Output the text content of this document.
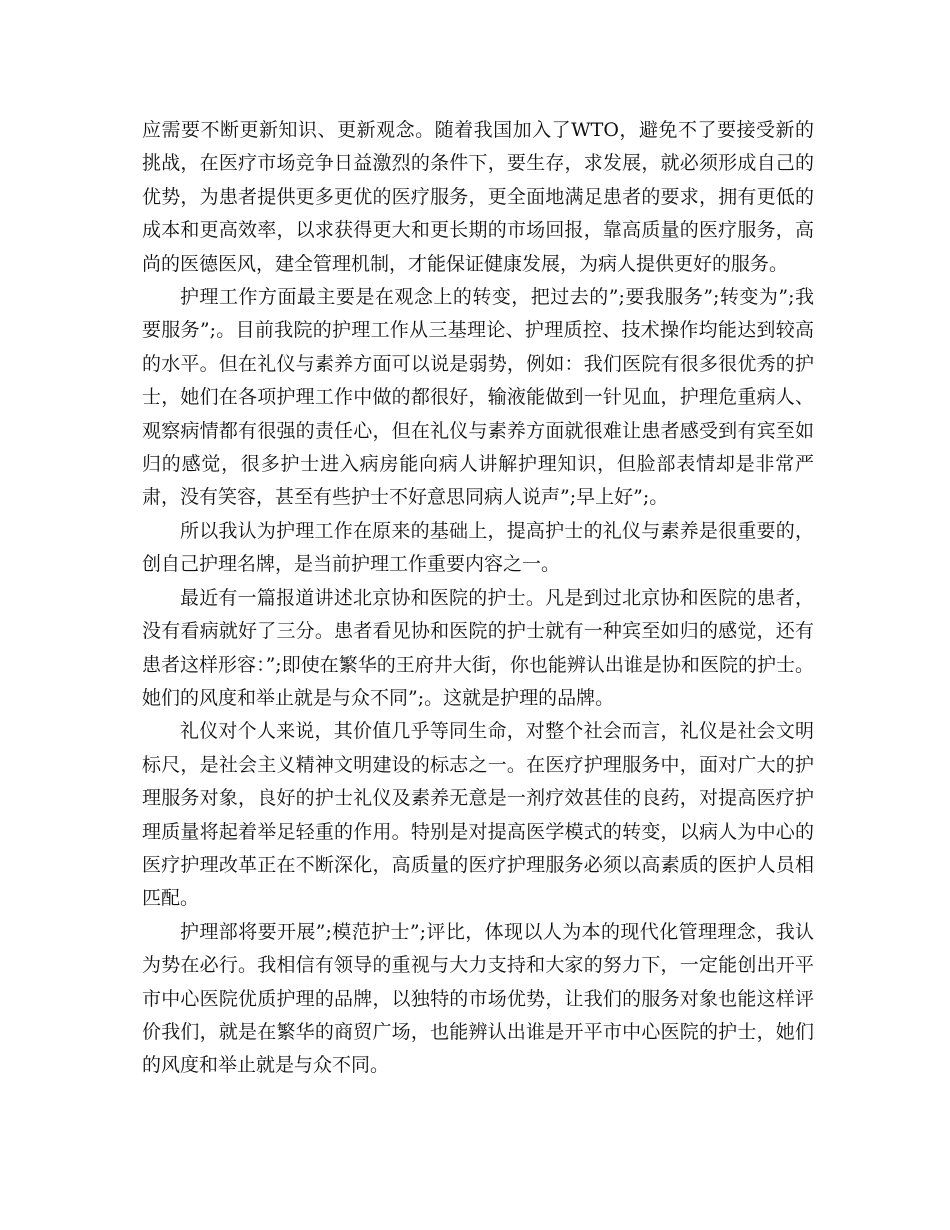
应需要不断更新知识、更新观念。随着我国加入了WTO，避免不了要接受新的挑战，在医疗市场竞争日益激烈的条件下，要生存，求发展，就必须形成自己的优势，为患者提供更多更优的医疗服务，更全面地满足患者的要求，拥有更低的成本和更高效率，以求获得更大和更长期的市场回报，靠高质量的医疗服务，高尚的医德医风，建全管理机制，才能保证健康发展，为病人提供更好的服务。

护理工作方面最主要是在观念上的转变，把过去的”;要我服务”;转变为”;我要服务”;。目前我院的护理工作从三基理论、护理质控、技术操作均能达到较高的水平。但在礼仪与素养方面可以说是弱势，例如：我们医院有很多很优秀的护士，她们在各项护理工作中做的都很好，输液能做到一针见血，护理危重病人、观察病情都有很强的责任心，但在礼仪与素养方面就很难让患者感受到有宾至如归的感觉，很多护士进入病房能向病人讲解护理知识，但脸部表情却是非常严肃，没有笑容，甚至有些护士不好意思同病人说声”;早上好”;。

所以我认为护理工作在原来的基础上，提高护士的礼仪与素养是很重要的，创自己护理名牌，是当前护理工作重要内容之一。

最近有一篇报道讲述北京协和医院的护士。凡是到过北京协和医院的患者，没有看病就好了三分。患者看见协和医院的护士就有一种宾至如归的感觉，还有患者这样形容：”;即使在繁华的王府井大街，你也能辨认出谁是协和医院的护士。她们的风度和举止就是与众不同”;。这就是护理的品牌。

礼仪对个人来说，其价值几乎等同生命，对整个社会而言，礼仪是社会文明标尺，是社会主义精神文明建设的标志之一。在医疗护理服务中，面对广大的护理服务对象，良好的护士礼仪及素养无意是一剂疗效甚佳的良药，对提高医疗护理质量将起着举足轻重的作用。特别是对提高医学模式的转变，以病人为中心的医疗护理改革正在不断深化，高质量的医疗护理服务必须以高素质的医护人员相匹配。

护理部将要开展”;模范护士”;评比，体现以人为本的现代化管理理念，我认为势在必行。我相信有领导的重视与大力支持和大家的努力下，一定能创出开平市中心医院优质护理的品牌，以独特的市场优势，让我们的服务对象也能这样评价我们，就是在繁华的商贸广场，也能辨认出谁是开平市中心医院的护士，她们的风度和举止就是与众不同。
